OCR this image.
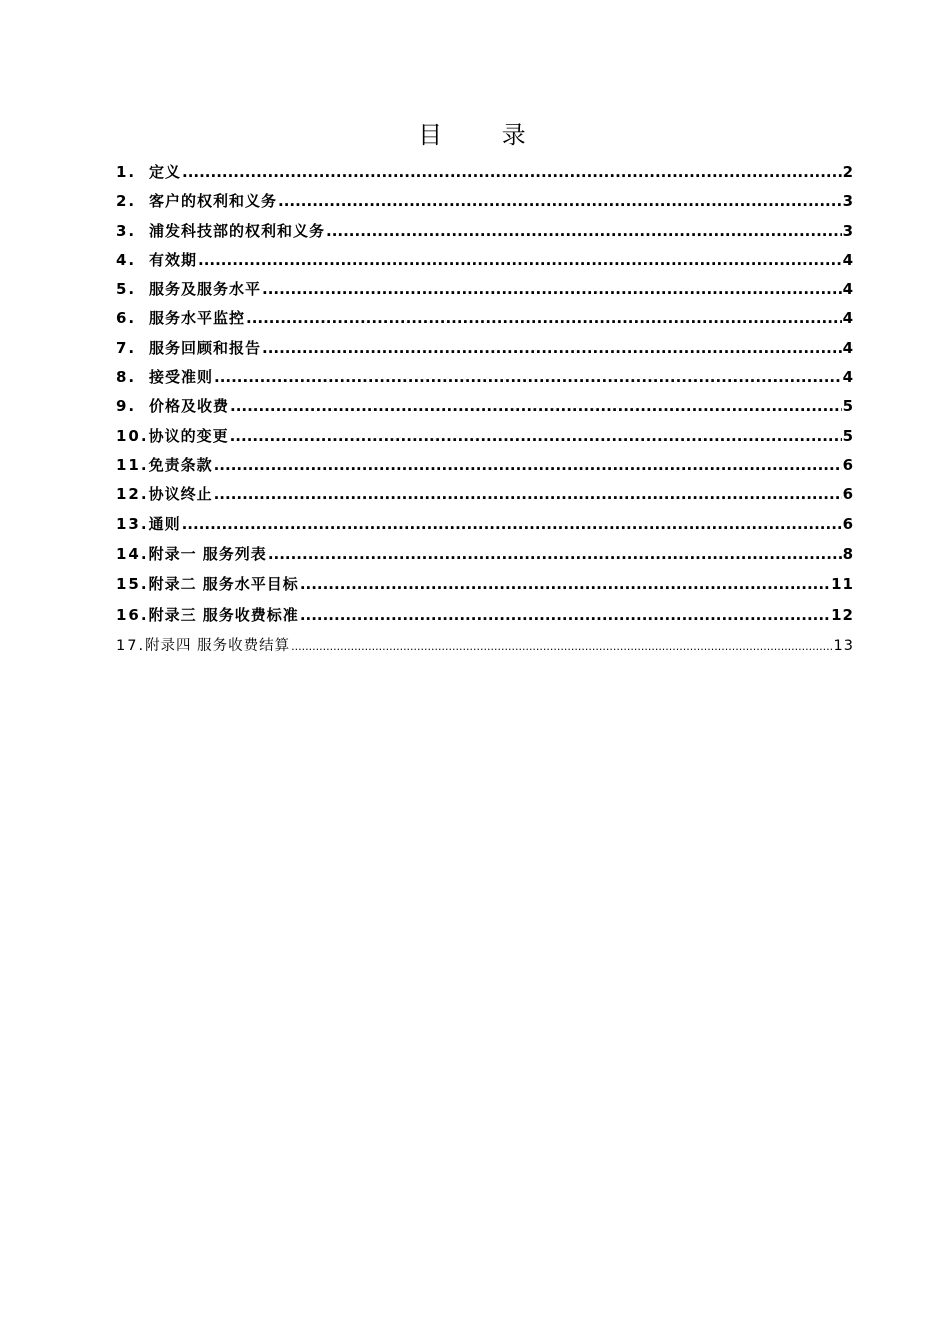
目 录
1. 定义 .....	2
2. 客户的权利和义务 .....	3
3. 浦发科技部的权利和义务 .....	3
4. 有效期 .....	4
5. 服务及服务水平 .....	4
6. 服务水平监控 .....	4
7. 服务回顾和报告 .....	4
8. 接受准则 .....	4
9. 价格及收费 .....	5
10. 协议的变更 .....	5
11. 免责条款 .....	6
12. 协议终止 .....	6
13. 通则 .....	6
14. 附录一 服务列表 .....	8
15. 附录二 服务水平目标 .....	11
16. 附录三 服务收费标准 .....	12
17. 附录四 服务收费结算 .....	13
